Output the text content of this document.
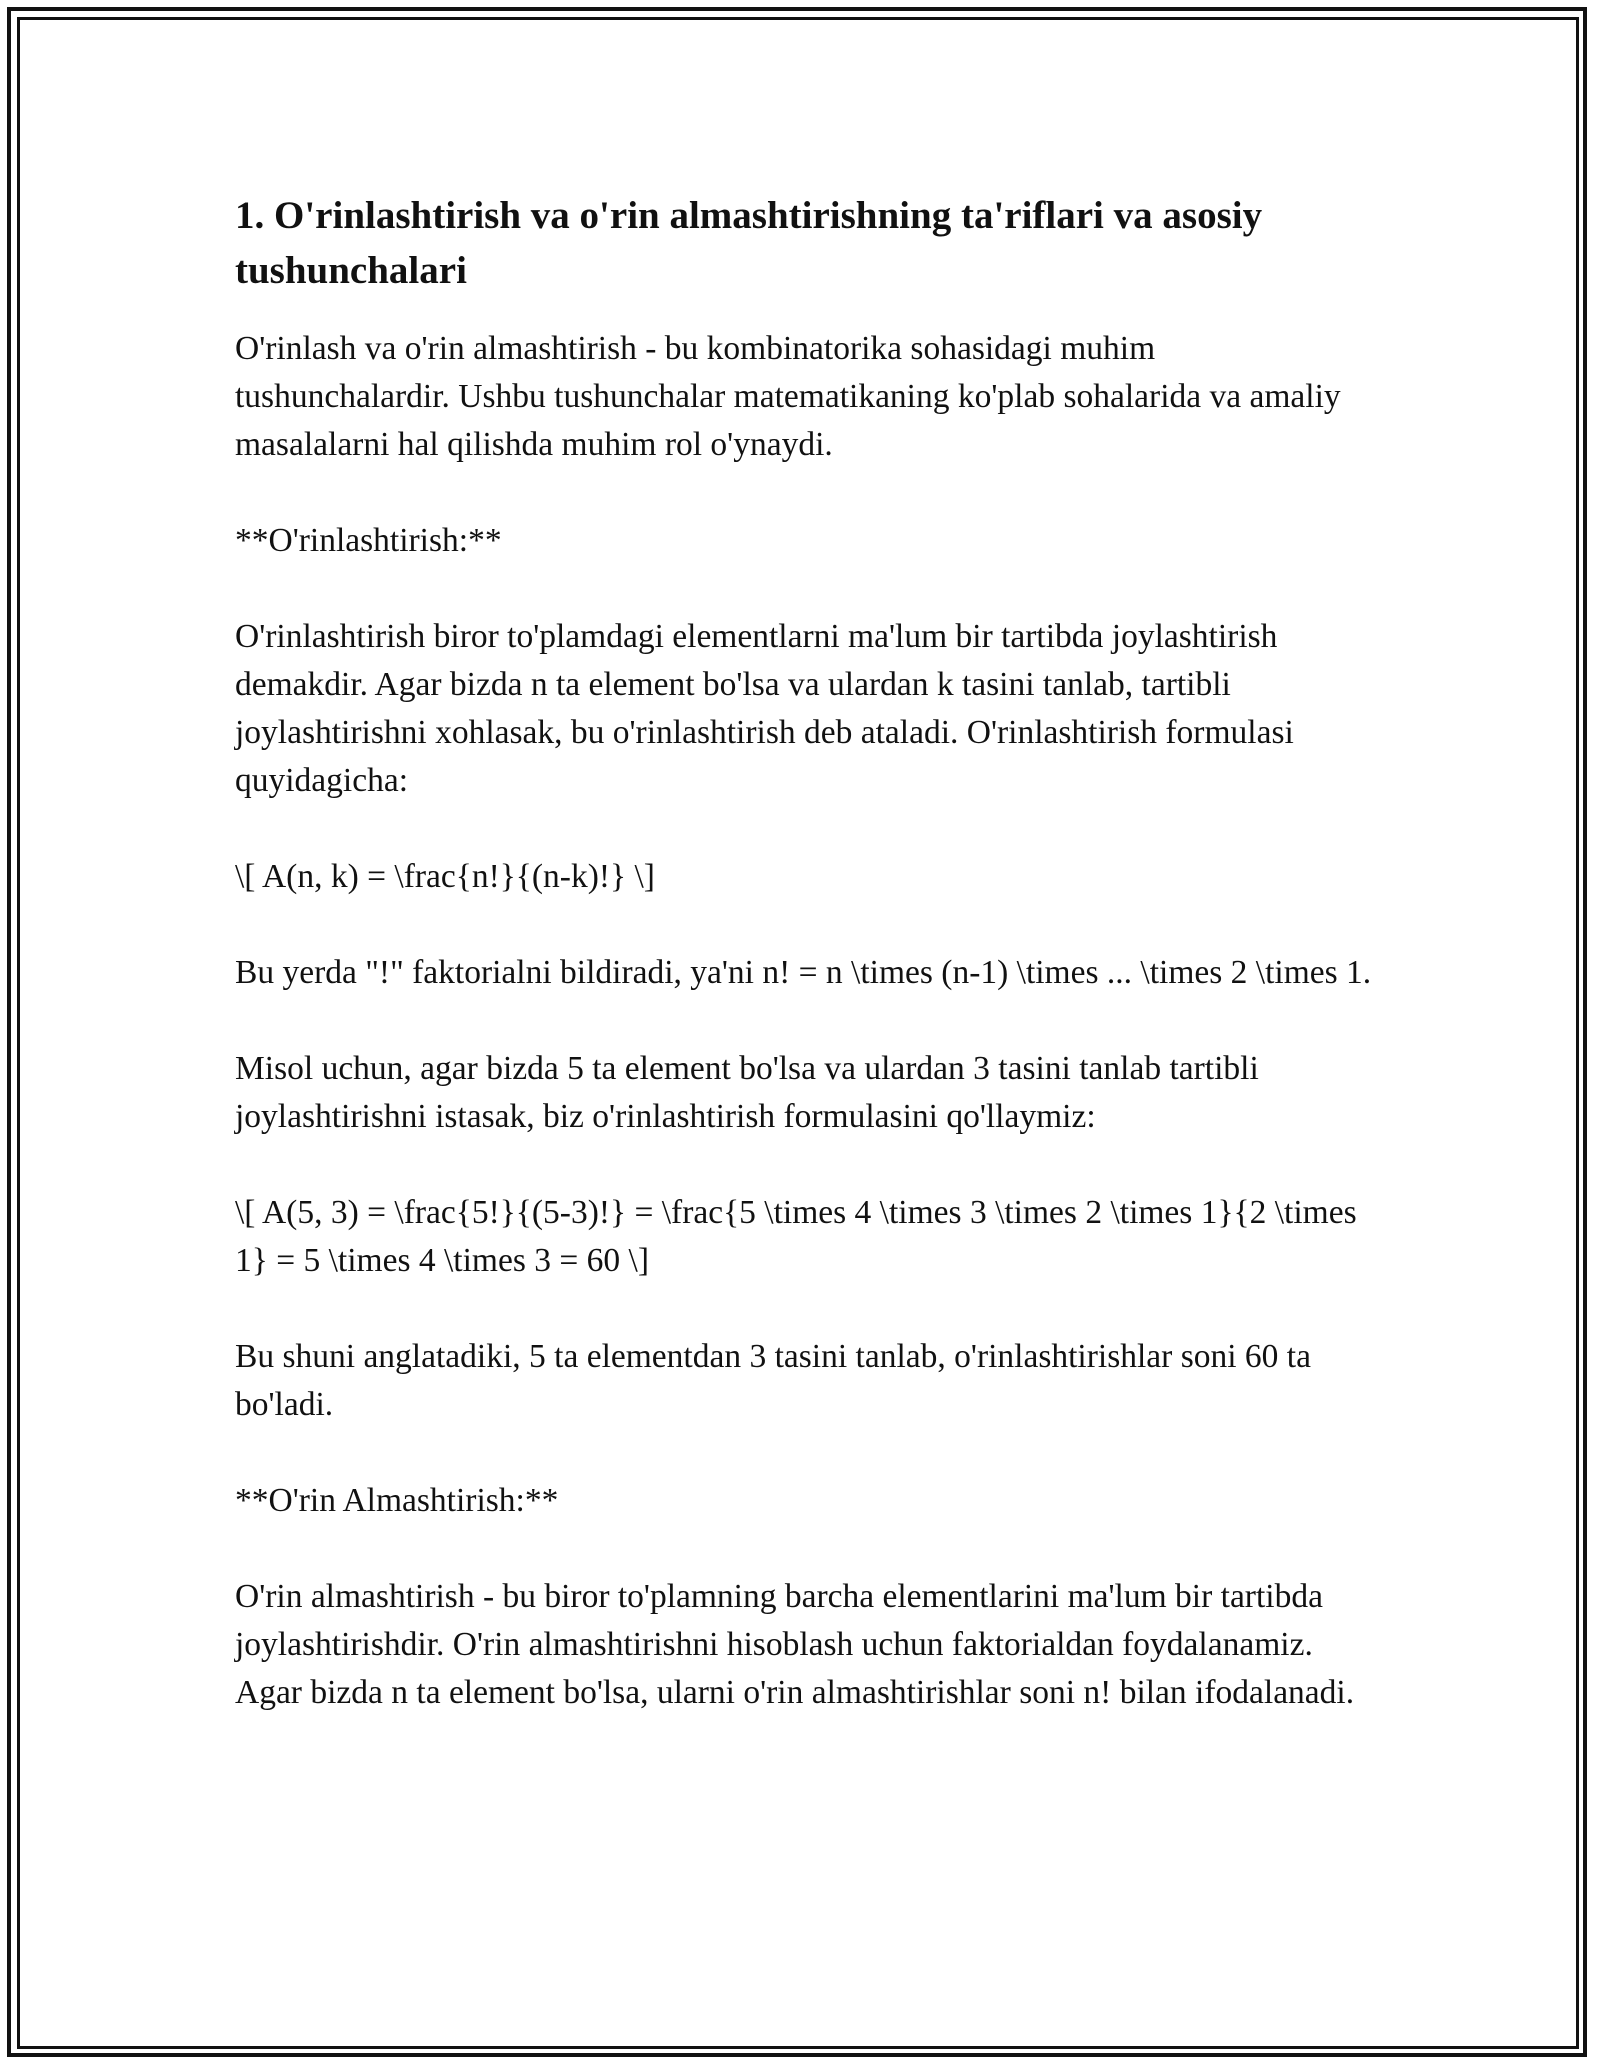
1. O'rinlashtirish va o'rin almashtirishning ta'riflari va asosiy tushunchalari

O'rinlash va o'rin almashtirish - bu kombinatorika sohasidagi muhim tushunchalardir. Ushbu tushunchalar matematikaning ko'plab sohalarida va amaliy masalalarni hal qilishda muhim rol o'ynaydi.

**O'rinlashtirish:**

O'rinlashtirish biror to'plamdagi elementlarni ma'lum bir tartibda joylashtirish demakdir. Agar bizda n ta element bo'lsa va ulardan k tasini tanlab, tartibli joylashtirishni xohlasak, bu o'rinlashtirish deb ataladi. O'rinlashtirish formulasi quyidagicha:

\[ A(n, k) = \frac{n!}{(n-k)!} \]

Bu yerda "!" faktorialni bildiradi, ya'ni n! = n \times (n-1) \times ... \times 2 \times 1.

Misol uchun, agar bizda 5 ta element bo'lsa va ulardan 3 tasini tanlab tartibli joylashtirishni istasak, biz o'rinlashtirish formulasini qo'llaymiz:

\[ A(5, 3) = \frac{5!}{(5-3)!} = \frac{5 \times 4 \times 3 \times 2 \times 1}{2 \times 1} = 5 \times 4 \times 3 = 60 \]

Bu shuni anglatadiki, 5 ta elementdan 3 tasini tanlab, o'rinlashtirishlar soni 60 ta bo'ladi.

**O'rin Almashtirish:**

O'rin almashtirish - bu biror to'plamning barcha elementlarini ma'lum bir tartibda joylashtirishdir. O'rin almashtirishni hisoblash uchun faktorialdan foydalanamiz. Agar bizda n ta element bo'lsa, ularni o'rin almashtirishlar soni n! bilan ifodalanadi.
